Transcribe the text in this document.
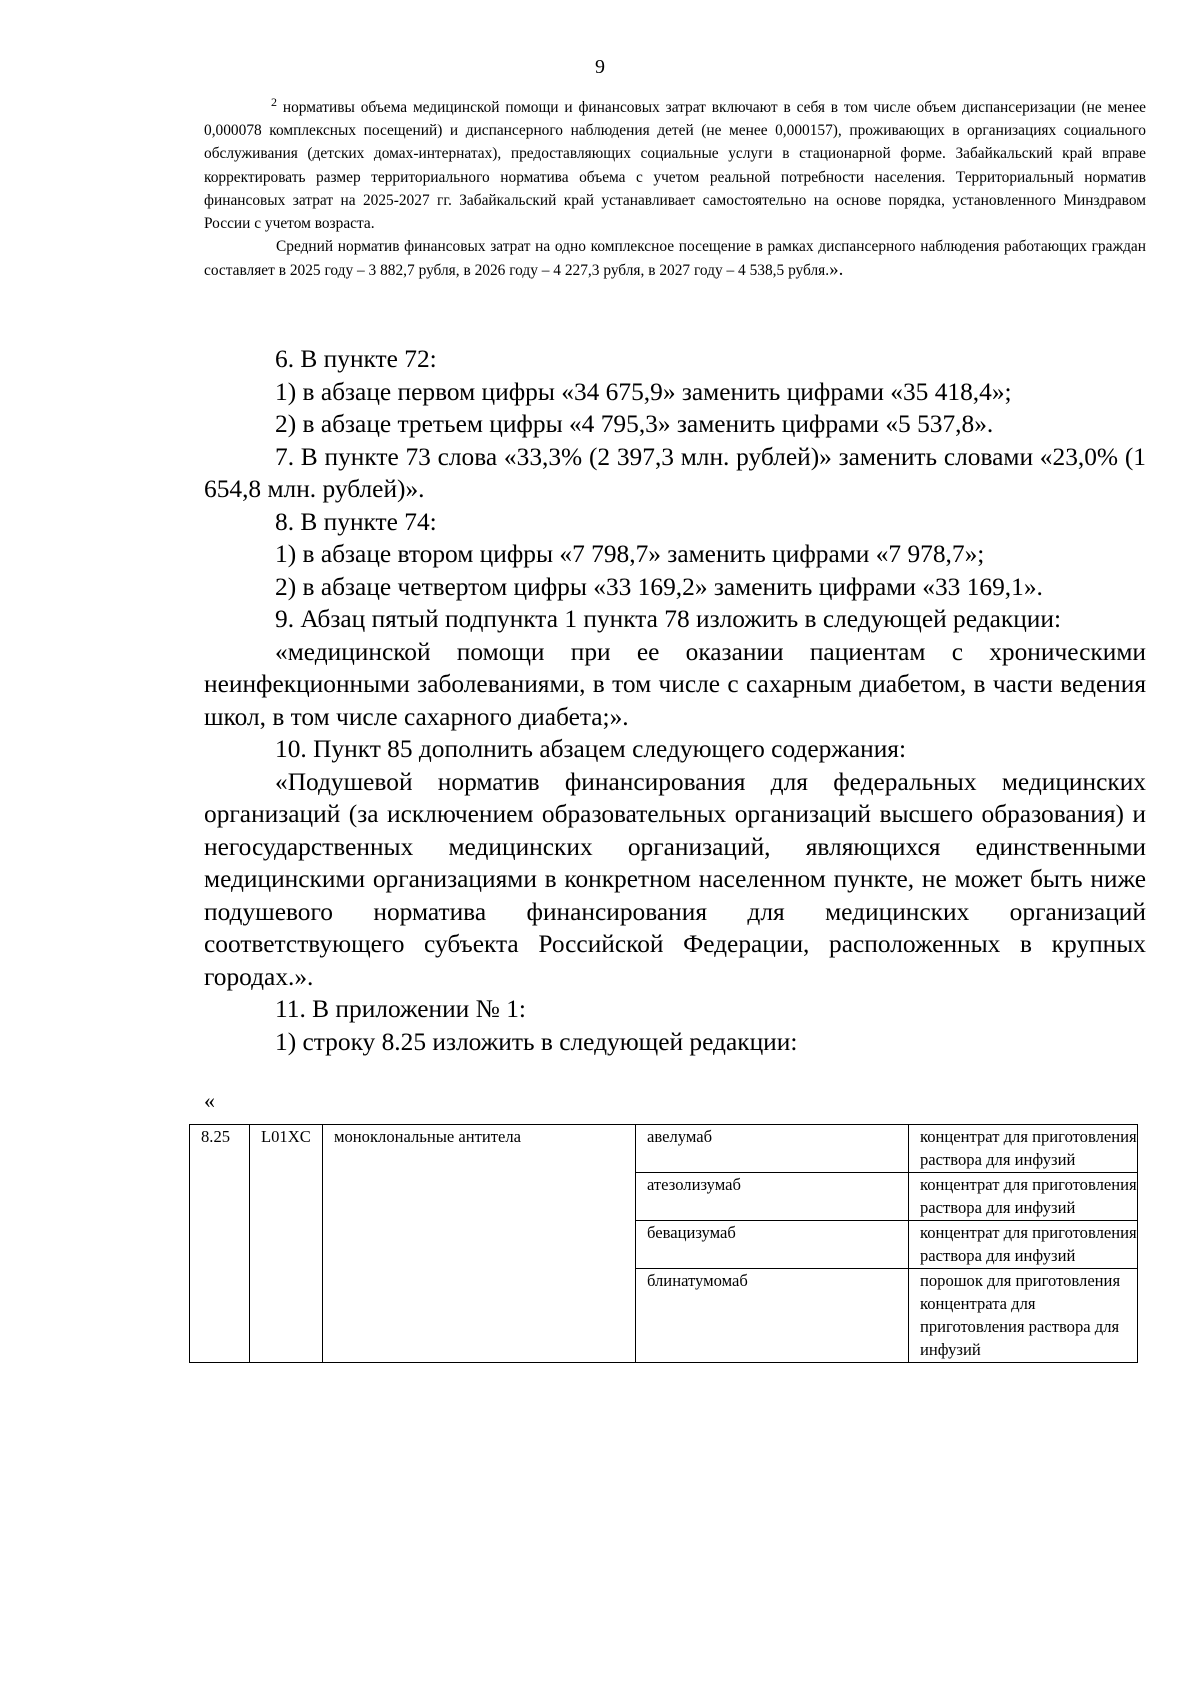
9

$^2$ нормативы объема медицинской помощи и финансовых затрат включают в себя в том числе объем диспансеризации (не менее 0,000078 комплексных посещений) и диспансерного наблюдения детей (не менее 0,000157), проживающих в организациях социального обслуживания (детских домах-интернатах), предоставляющих социальные услуги в стационарной форме. Забайкальский край вправе корректировать размер территориального норматива объема с учетом реальной потребности населения. Территориальный норматив финансовых затрат на 2025-2027 гг. Забайкальский край устанавливает самостоятельно на основе порядка, установленного Минздравом России с учетом возраста.

Средний норматив финансовых затрат на одно комплексное посещение в рамках диспансерного наблюдения работающих граждан составляет в 2025 году – 3 882,7 рубля, в 2026 году – 4 227,3 рубля, в 2027 году – 4 538,5 рубля.».

6. В пункте 72:

1) в абзаце первом цифры «34 675,9» заменить цифрами «35 418,4»;

2) в абзаце третьем цифры «4 795,3» заменить цифрами «5 537,8».

7. В пункте 73 слова «33,3% (2 397,3 млн. рублей)» заменить словами «23,0% (1 654,8 млн. рублей)».

8. В пункте 74:

1) в абзаце втором цифры «7 798,7» заменить цифрами «7 978,7»;

2) в абзаце четвертом цифры «33 169,2» заменить цифрами «33 169,1».

9. Абзац пятый подпункта 1 пункта 78 изложить в следующей редакции:

«медицинской помощи при ее оказании пациентам с хроническими неинфекционными заболеваниями, в том числе с сахарным диабетом, в части ведения школ, в том числе сахарного диабета;».

10. Пункт 85 дополнить абзацем следующего содержания:

«Подушевой норматив финансирования для федеральных медицинских организаций (за исключением образовательных организаций высшего образования) и негосударственных медицинских организаций, являющихся единственными медицинскими организациями в конкретном населенном пункте, не может быть ниже подушевого норматива финансирования для медицинских организаций соответствующего субъекта Российской Федерации, расположенных в крупных городах.».

11. В приложении № 1:

1) строку 8.25 изложить в следующей редакции:

«
8.25	L01XC	моноклональные антитела	авелумаб	концентрат для приготовления раствора для инфузий
			атезолизумаб	концентрат для приготовления раствора для инфузий
			бевацизумаб	концентрат для приготовления раствора для инфузий
			блинатумомаб	порошок для приготовления концентрата для приготовления раствора для инфузий
